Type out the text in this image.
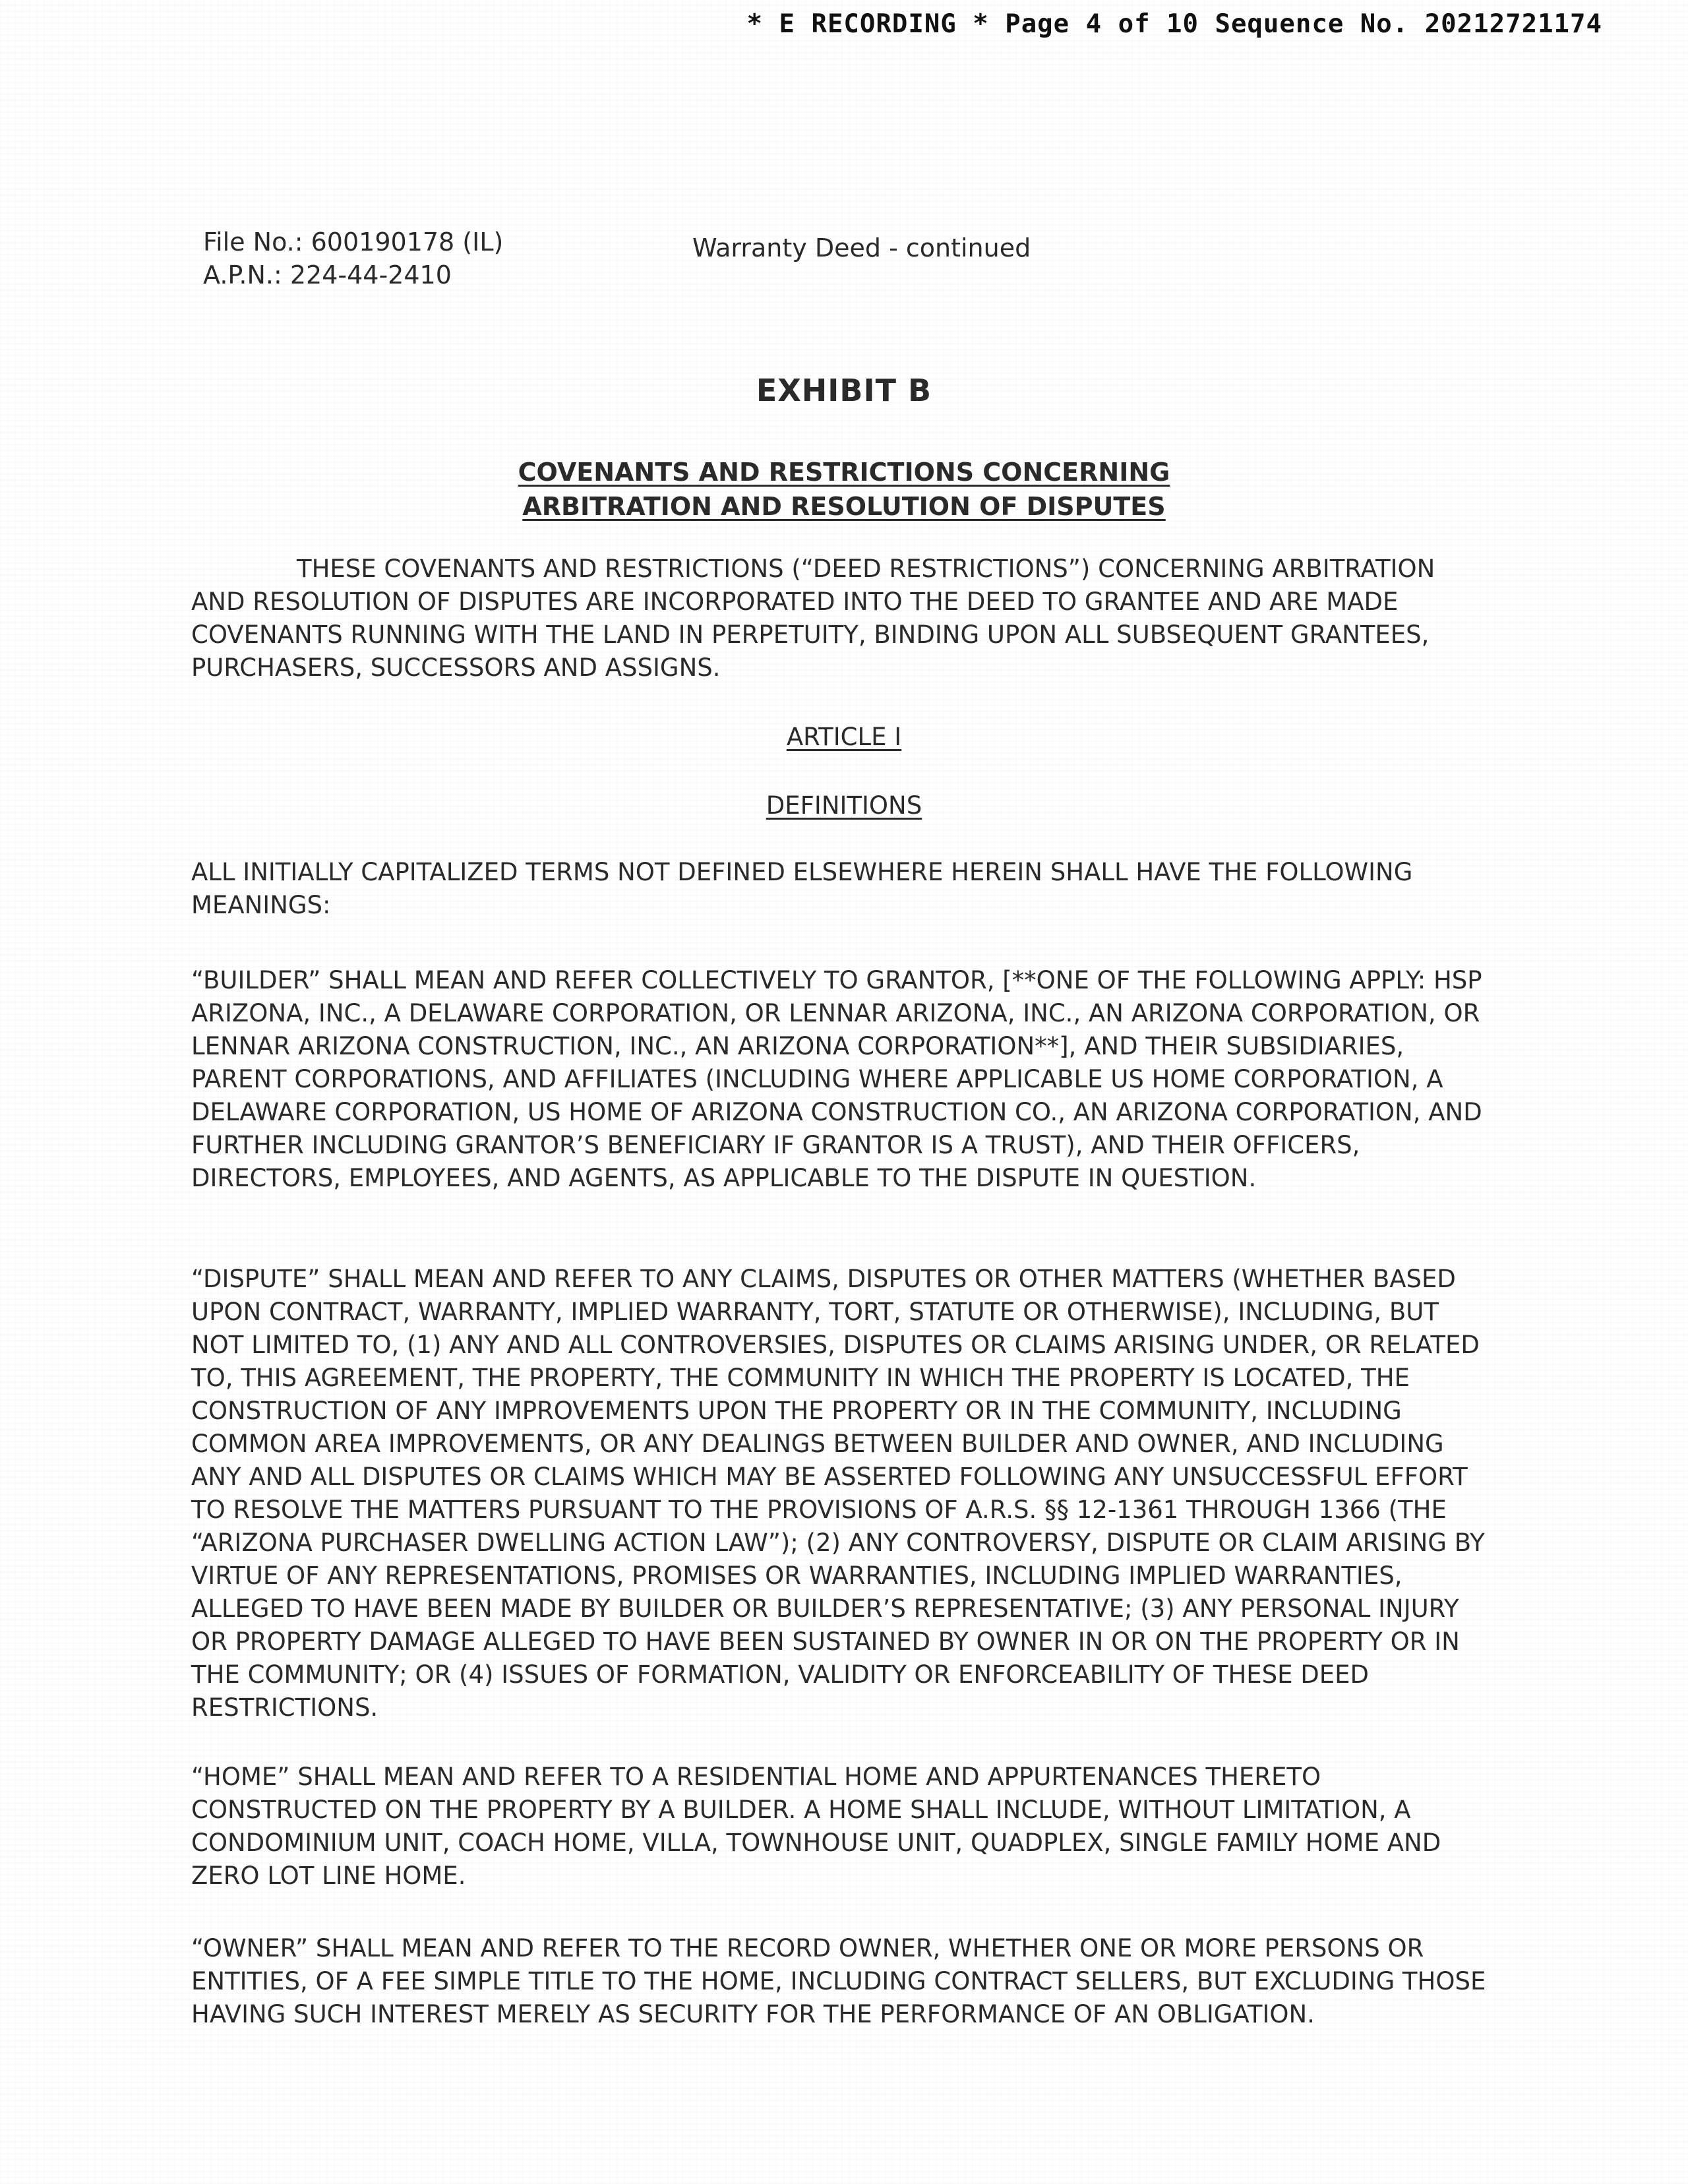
* E RECORDING * Page 4 of 10 Sequence No. 20212721174
File No.: 600190178 (IL)
A.P.N.: 224-44-2410
Warranty Deed - continued
EXHIBIT B
COVENANTS AND RESTRICTIONS CONCERNING
ARBITRATION AND RESOLUTION OF DISPUTES
THESE COVENANTS AND RESTRICTIONS (“DEED RESTRICTIONS”) CONCERNING ARBITRATION AND RESOLUTION OF DISPUTES ARE INCORPORATED INTO THE DEED TO GRANTEE AND ARE MADE COVENANTS RUNNING WITH THE LAND IN PERPETUITY, BINDING UPON ALL SUBSEQUENT GRANTEES, PURCHASERS, SUCCESSORS AND ASSIGNS.
ARTICLE I
DEFINITIONS
ALL INITIALLY CAPITALIZED TERMS NOT DEFINED ELSEWHERE HEREIN SHALL HAVE THE FOLLOWING MEANINGS:
“BUILDER” SHALL MEAN AND REFER COLLECTIVELY TO GRANTOR, [**ONE OF THE FOLLOWING APPLY: HSP ARIZONA, INC., A DELAWARE CORPORATION, OR LENNAR ARIZONA, INC., AN ARIZONA CORPORATION, OR LENNAR ARIZONA CONSTRUCTION, INC., AN ARIZONA CORPORATION**], AND THEIR SUBSIDIARIES, PARENT CORPORATIONS, AND AFFILIATES (INCLUDING WHERE APPLICABLE US HOME CORPORATION, A DELAWARE CORPORATION, US HOME OF ARIZONA CONSTRUCTION CO., AN ARIZONA CORPORATION, AND FURTHER INCLUDING GRANTOR’S BENEFICIARY IF GRANTOR IS A TRUST), AND THEIR OFFICERS, DIRECTORS, EMPLOYEES, AND AGENTS, AS APPLICABLE TO THE DISPUTE IN QUESTION.
“DISPUTE” SHALL MEAN AND REFER TO ANY CLAIMS, DISPUTES OR OTHER MATTERS (WHETHER BASED UPON CONTRACT, WARRANTY, IMPLIED WARRANTY, TORT, STATUTE OR OTHERWISE), INCLUDING, BUT NOT LIMITED TO, (1) ANY AND ALL CONTROVERSIES, DISPUTES OR CLAIMS ARISING UNDER, OR RELATED TO, THIS AGREEMENT, THE PROPERTY, THE COMMUNITY IN WHICH THE PROPERTY IS LOCATED, THE CONSTRUCTION OF ANY IMPROVEMENTS UPON THE PROPERTY OR IN THE COMMUNITY, INCLUDING COMMON AREA IMPROVEMENTS, OR ANY DEALINGS BETWEEN BUILDER AND OWNER, AND INCLUDING ANY AND ALL DISPUTES OR CLAIMS WHICH MAY BE ASSERTED FOLLOWING ANY UNSUCCESSFUL EFFORT TO RESOLVE THE MATTERS PURSUANT TO THE PROVISIONS OF A.R.S. §§ 12-1361 THROUGH 1366 (THE “ARIZONA PURCHASER DWELLING ACTION LAW”); (2) ANY CONTROVERSY, DISPUTE OR CLAIM ARISING BY VIRTUE OF ANY REPRESENTATIONS, PROMISES OR WARRANTIES, INCLUDING IMPLIED WARRANTIES, ALLEGED TO HAVE BEEN MADE BY BUILDER OR BUILDER’S REPRESENTATIVE; (3) ANY PERSONAL INJURY OR PROPERTY DAMAGE ALLEGED TO HAVE BEEN SUSTAINED BY OWNER IN OR ON THE PROPERTY OR IN THE COMMUNITY; OR (4) ISSUES OF FORMATION, VALIDITY OR ENFORCEABILITY OF THESE DEED RESTRICTIONS.
“HOME” SHALL MEAN AND REFER TO A RESIDENTIAL HOME AND APPURTENANCES THERETO CONSTRUCTED ON THE PROPERTY BY A BUILDER. A HOME SHALL INCLUDE, WITHOUT LIMITATION, A CONDOMINIUM UNIT, COACH HOME, VILLA, TOWNHOUSE UNIT, QUADPLEX, SINGLE FAMILY HOME AND ZERO LOT LINE HOME.
“OWNER” SHALL MEAN AND REFER TO THE RECORD OWNER, WHETHER ONE OR MORE PERSONS OR ENTITIES, OF A FEE SIMPLE TITLE TO THE HOME, INCLUDING CONTRACT SELLERS, BUT EXCLUDING THOSE HAVING SUCH INTEREST MERELY AS SECURITY FOR THE PERFORMANCE OF AN OBLIGATION.
